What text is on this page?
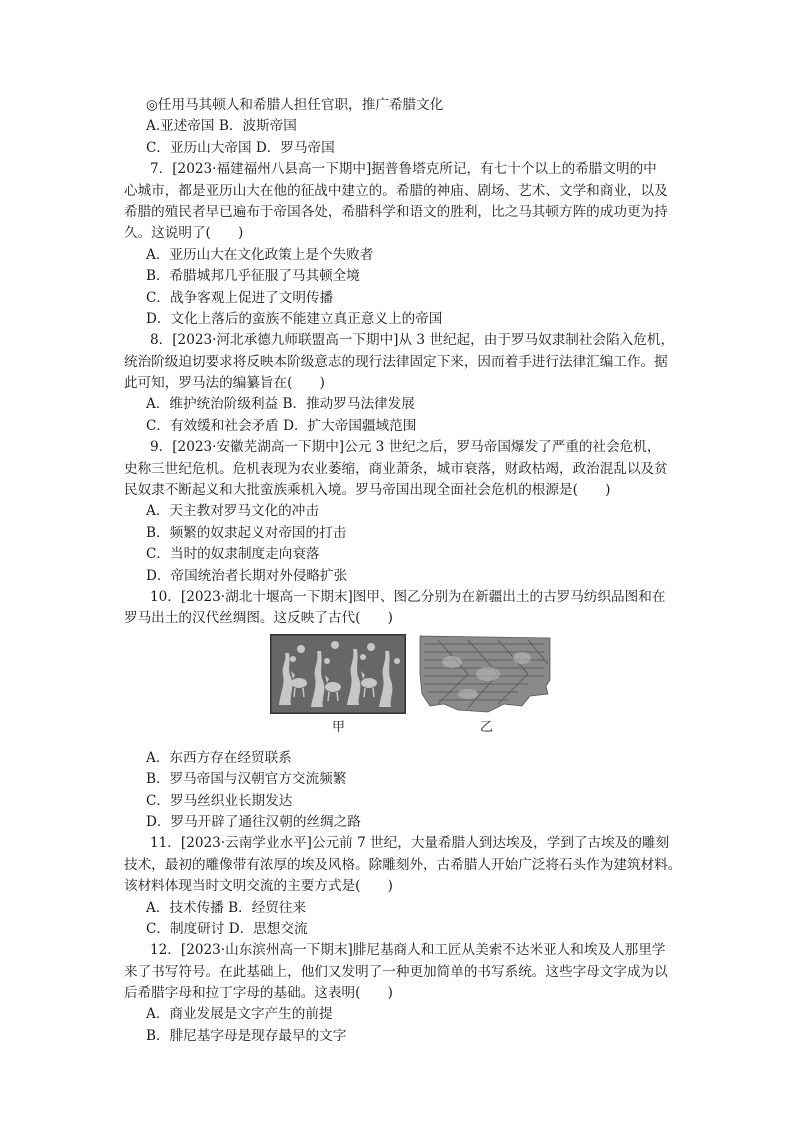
◎任用马其顿人和希腊人担任官职，推广希腊文化
A.亚述帝国 B．波斯帝国
C．亚历山大帝国 D．罗马帝国
7．[2023·福建福州八县高一下期中]据普鲁塔克所记，有七十个以上的希腊文明的中
心城市，都是亚历山大在他的征战中建立的。希腊的神庙、剧场、艺术、文学和商业，以及
希腊的殖民者早已遍布于帝国各处，希腊科学和语文的胜利，比之马其顿方阵的成功更为持
久。这说明了(　　)
A．亚历山大在文化政策上是个失败者
B．希腊城邦几乎征服了马其顿全境
C．战争客观上促进了文明传播
D．文化上落后的蛮族不能建立真正意义上的帝国
8．[2023·河北承德九师联盟高一下期中]从 3 世纪起，由于罗马奴隶制社会陷入危机，
统治阶级迫切要求将反映本阶级意志的现行法律固定下来，因而着手进行法律汇编工作。据
此可知，罗马法的编纂旨在(　　)
A．维护统治阶级利益 B．推动罗马法律发展
C．有效缓和社会矛盾 D．扩大帝国疆域范围
9．[2023·安徽芜湖高一下期中]公元 3 世纪之后，罗马帝国爆发了严重的社会危机，
史称三世纪危机。危机表现为农业萎缩，商业萧条，城市衰落，财政枯竭，政治混乱以及贫
民奴隶不断起义和大批蛮族乘机入境。罗马帝国出现全面社会危机的根源是(　　)
A．天主教对罗马文化的冲击
B．频繁的奴隶起义对帝国的打击
C．当时的奴隶制度走向衰落
D．帝国统治者长期对外侵略扩张
10．[2023·湖北十堰高一下期末]图甲、图乙分别为在新疆出土的古罗马纺织品图和在
罗马出土的汉代丝绸图。这反映了古代(　　)
甲	乙
A．东西方存在经贸联系
B．罗马帝国与汉朝官方交流频繁
C．罗马丝织业长期发达
D．罗马开辟了通往汉朝的丝绸之路
11．[2023·云南学业水平]公元前 7 世纪，大量希腊人到达埃及，学到了古埃及的雕刻
技术，最初的雕像带有浓厚的埃及风格。除雕刻外，古希腊人开始广泛将石头作为建筑材料。
该材料体现当时文明交流的主要方式是(　　)
A．技术传播 B．经贸往来
C．制度研讨 D．思想交流
12．[2023·山东滨州高一下期末]腓尼基商人和工匠从美索不达米亚人和埃及人那里学
来了书写符号。在此基础上，他们又发明了一种更加简单的书写系统。这些字母文字成为以
后希腊字母和拉丁字母的基础。这表明(　　)
A．商业发展是文字产生的前提
B．腓尼基字母是现存最早的文字
